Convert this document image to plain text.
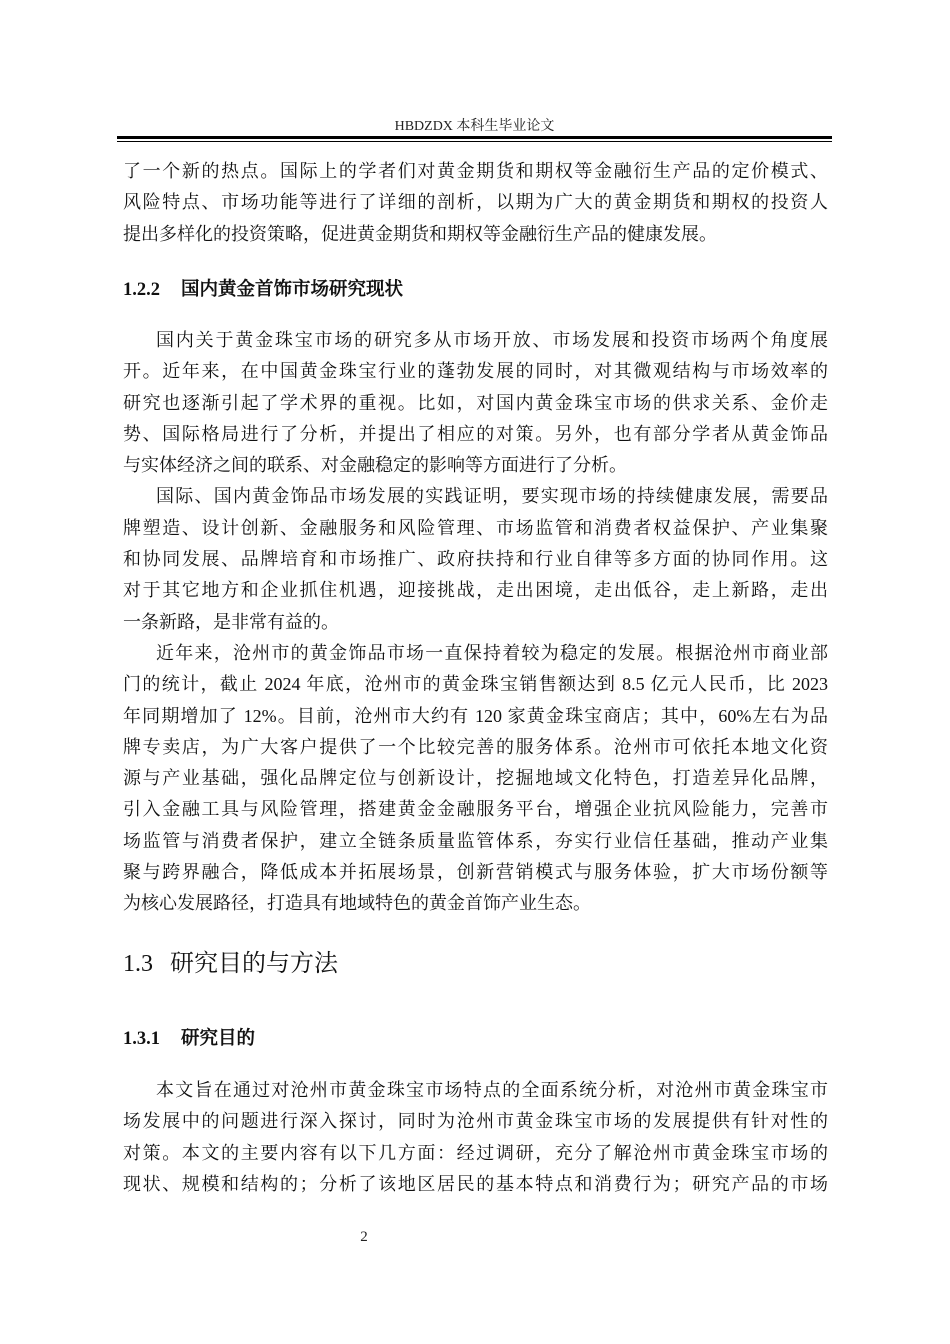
HBDZDX 本科生毕业论文
了一个新的热点。国际上的学者们对黄金期货和期权等金融衍生产品的定价模式、
风险特点、市场功能等进行了详细的剖析，以期为广大的黄金期货和期权的投资人
提出多样化的投资策略，促进黄金期货和期权等金融衍生产品的健康发展。
1.2.2 国内黄金首饰市场研究现状
国内关于黄金珠宝市场的研究多从市场开放、市场发展和投资市场两个角度展
开。近年来，在中国黄金珠宝行业的蓬勃发展的同时，对其微观结构与市场效率的
研究也逐渐引起了学术界的重视。比如，对国内黄金珠宝市场的供求关系、金价走
势、国际格局进行了分析，并提出了相应的对策。另外，也有部分学者从黄金饰品
与实体经济之间的联系、对金融稳定的影响等方面进行了分析。
国际、国内黄金饰品市场发展的实践证明，要实现市场的持续健康发展，需要品
牌塑造、设计创新、金融服务和风险管理、市场监管和消费者权益保护、产业集聚
和协同发展、品牌培育和市场推广、政府扶持和行业自律等多方面的协同作用。这
对于其它地方和企业抓住机遇，迎接挑战，走出困境，走出低谷，走上新路，走出
一条新路，是非常有益的。
近年来，沧州市的黄金饰品市场一直保持着较为稳定的发展。根据沧州市商业部
门的统计，截止 2024 年底，沧州市的黄金珠宝销售额达到 8.5 亿元人民币，比 2023
年同期增加了 12%。目前，沧州市大约有 120 家黄金珠宝商店；其中，60%左右为品
牌专卖店，为广大客户提供了一个比较完善的服务体系。沧州市可依托本地文化资
源与产业基础，强化品牌定位与创新设计，挖掘地域文化特色，打造差异化品牌，
引入金融工具与风险管理，搭建黄金金融服务平台，增强企业抗风险能力，完善市
场监管与消费者保护，建立全链条质量监管体系，夯实行业信任基础，推动产业集
聚与跨界融合，降低成本并拓展场景，创新营销模式与服务体验，扩大市场份额等
为核心发展路径，打造具有地域特色的黄金首饰产业生态。
1.3 研究目的与方法
1.3.1 研究目的
本文旨在通过对沧州市黄金珠宝市场特点的全面系统分析，对沧州市黄金珠宝市
场发展中的问题进行深入探讨，同时为沧州市黄金珠宝市场的发展提供有针对性的
对策。本文的主要内容有以下几方面：经过调研，充分了解沧州市黄金珠宝市场的
现状、规模和结构的；分析了该地区居民的基本特点和消费行为；研究产品的市场
2
